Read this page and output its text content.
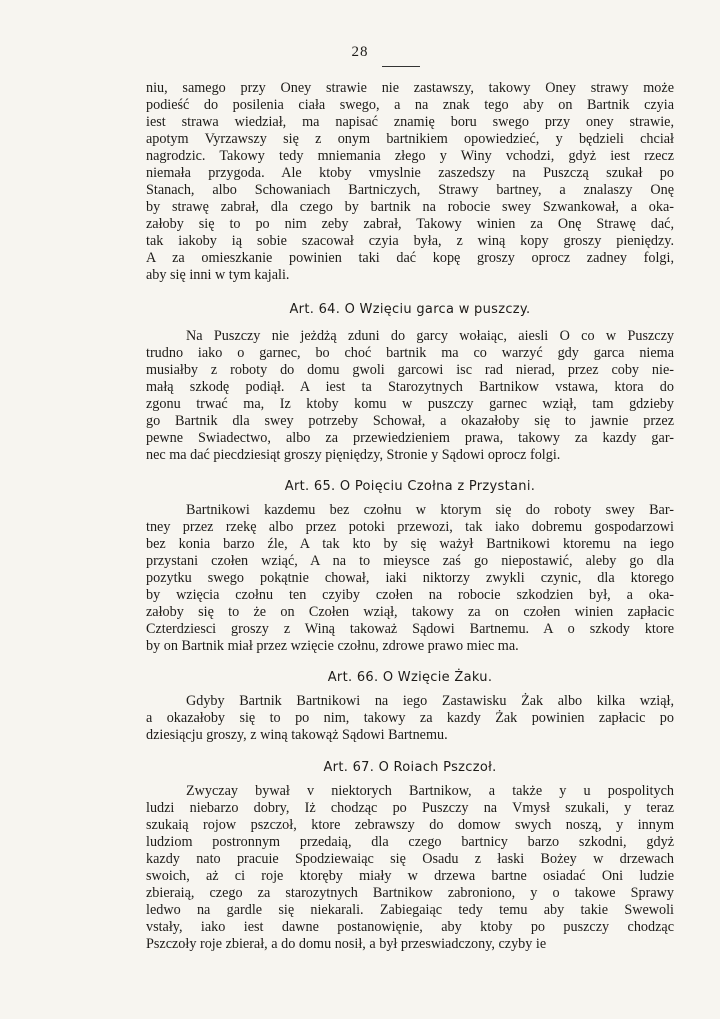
28

niu, samego przy Oney strawie nie zastawszy, takowy Oney strawy może
podieść do posilenia ciała swego, a na znak tego aby on Bartnik czyia
iest strawa wiedział, ma napisać znamię boru swego przy oney strawie,
apotym Vyrzawszy się z onym bartnikiem opowiedzieć, y będzieli chciał
nagrodzic. Takowy tedy mniemania złego y Winy vchodzi, gdyż iest rzecz
niemała przygoda. Ale ktoby vmyslnie zaszedszy na Puszczą szukał po
Stanach, albo Schowaniach Bartniczych, Strawy bartney, a znalaszy Onę
by strawę zabrał, dla czego by bartnik na robocie swey Szwankował, a oka-
załoby się to po nim zeby zabrał, Takowy winien za Onę Strawę dać,
tak iakoby ią sobie szacował czyia była, z winą kopy groszy pieniędzy.
A za omieszkanie powinien taki dać kopę groszy oprocz zadney folgi,
aby się inni w tym kajali.

Art. 64. O Wzięciu garca w puszczy.

Na Puszczy nie jeżdżą zduni do garcy wołaiąc, aiesli O co w Puszczy
trudno iako o garnec, bo choć bartnik ma co warzyć gdy garca niema
musiałby z roboty do domu gwoli garcowi isc rad nierad, przez coby nie-
małą szkodę podiął. A iest ta Starozytnych Bartnikow vstawa, ktora do
zgonu trwać ma, Iz ktoby komu w puszczy garnec wziął, tam gdzieby
go Bartnik dla swey potrzeby Schował, a okazałoby się to jawnie przez
pewne Swiadectwo, albo za przewiedzieniem prawa, takowy za kazdy gar-
nec ma dać piecdziesiąt groszy pięniędzy, Stronie y Sądowi oprocz folgi.

Art. 65. O Poięciu Czołna z Przystani.

Bartnikowi kazdemu bez czołnu w ktorym się do roboty swey Bar-
tney przez rzekę albo przez potoki przewozi, tak iako dobremu gospodarzowi
bez konia barzo źle, A tak kto by się ważył Bartnikowi ktoremu na iego
przystani czołen wziąć, A na to mieysce zaś go niepostawić, aleby go dla
pozytku swego pokątnie chował, iaki niktorzy zwykli czynic, dla ktorego
by wzięcia czołnu ten czyiby czołen na robocie szkodzien był, a oka-
załoby się to że on Czołen wziął, takowy za on czołen winien zapłacic
Czterdziesci groszy z Winą takoważ Sądowi Bartnemu. A o szkody ktore
by on Bartnik miał przez wzięcie czołnu, zdrowe prawo miec ma.

Art. 66. O Wzięcie Żaku.

Gdyby Bartnik Bartnikowi na iego Zastawisku Żak albo kilka wziął,
a okazałoby się to po nim, takowy za kazdy Żak powinien zapłacic po
dziesiącju groszy, z winą takowąż Sądowi Bartnemu.

Art. 67. O Roiach Pszczoł.

Zwyczay bywał v niektorych Bartnikow, a także y u pospolitych
ludzi niebarzo dobry, Iż chodząc po Puszczy na Vmysł szukali, y teraz
szukaią rojow pszczoł, ktore zebrawszy do domow swych noszą, y innym
ludziom postronnym przedaią, dla czego bartnicy barzo szkodni, gdyż
kazdy nato pracuie Spodziewaiąc się Osadu z łaski Bożey w drzewach
swoich, aż ci roje ktoręby miały w drzewa bartne osiadać Oni ludzie
zbieraią, czego za starozytnych Bartnikow zabroniono, y o takowe Sprawy
ledwo na gardle się niekarali. Zabiegaiąc tedy temu aby takie Swewoli
vstały, iako iest dawne postanowięnie, aby ktoby po puszczy chodząc
Pszczoły roje zbierał, a do domu nosił, a był przeswiadczony, czyby ie
